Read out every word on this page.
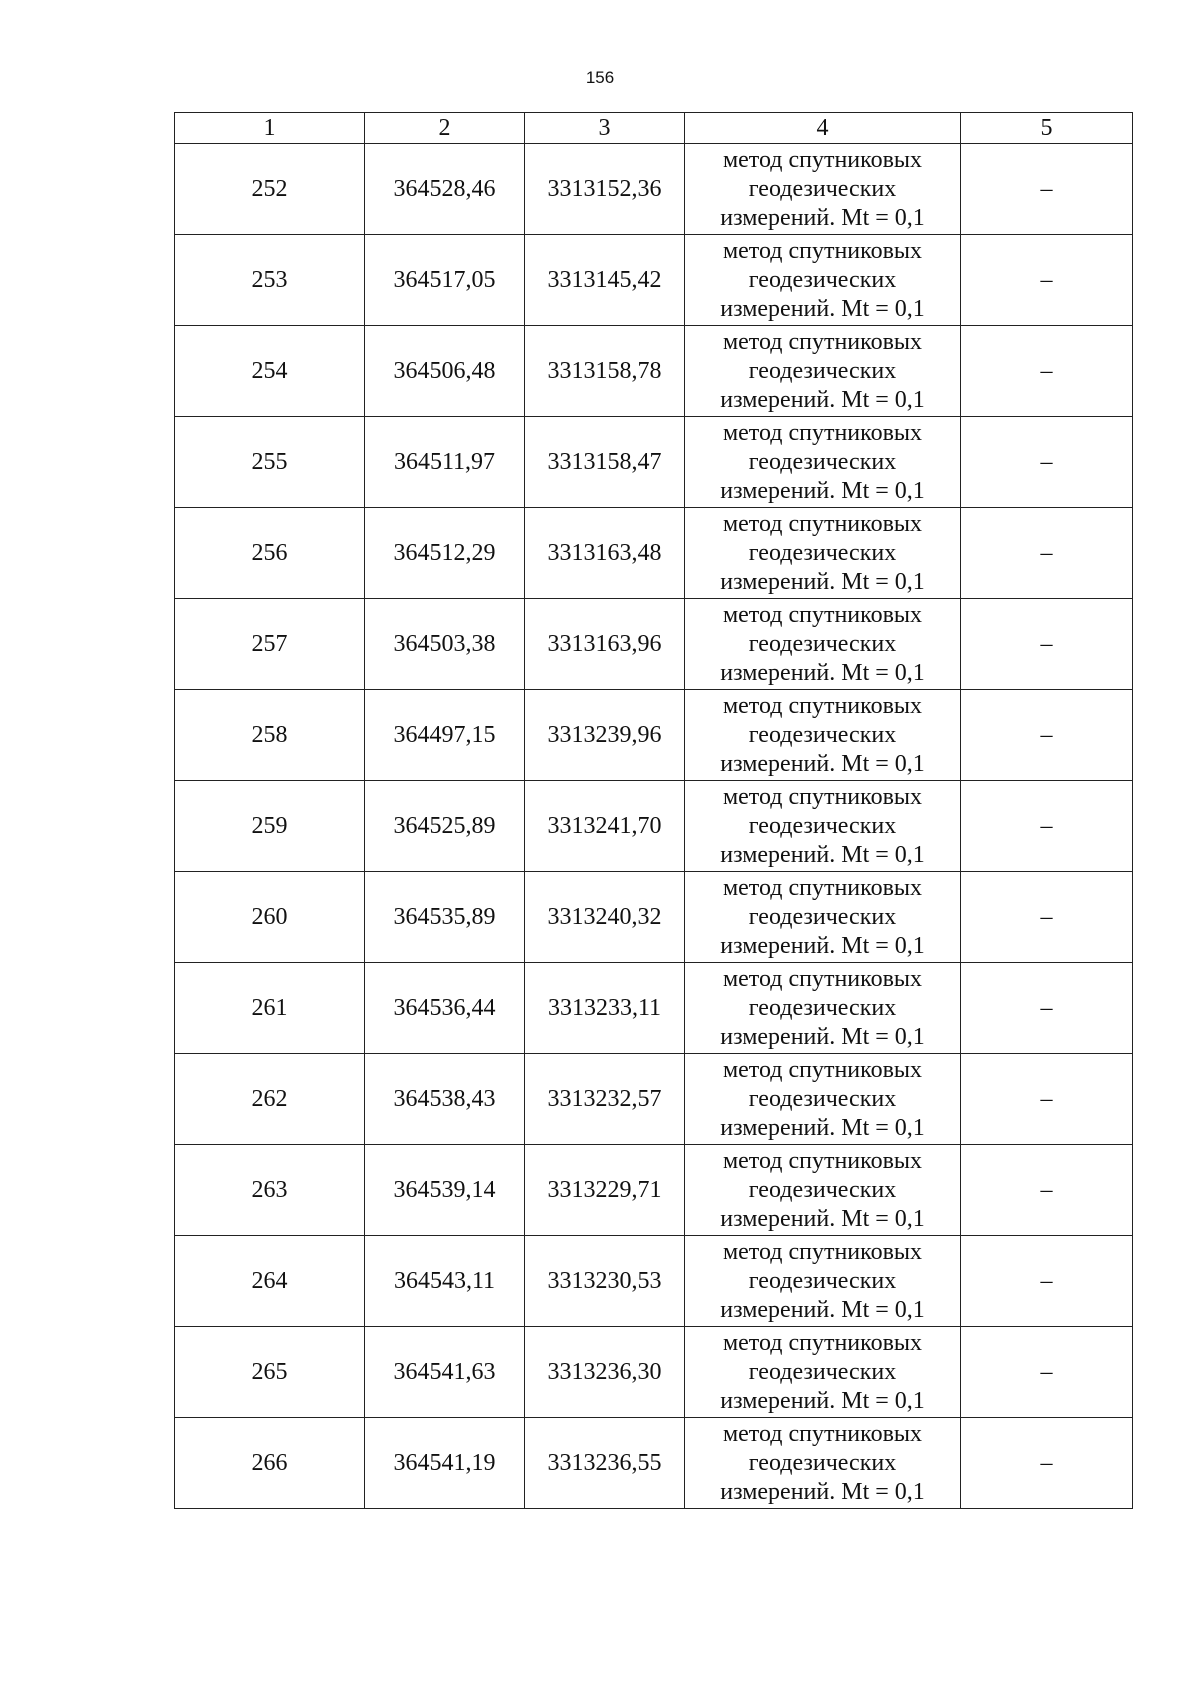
156
1	2	3	4	5
252	364528,46	3313152,36	метод спутниковых
геодезических
измерений. Mt = 0,1	–
253	364517,05	3313145,42	метод спутниковых
геодезических
измерений. Mt = 0,1	–
254	364506,48	3313158,78	метод спутниковых
геодезических
измерений. Mt = 0,1	–
255	364511,97	3313158,47	метод спутниковых
геодезических
измерений. Mt = 0,1	–
256	364512,29	3313163,48	метод спутниковых
геодезических
измерений. Mt = 0,1	–
257	364503,38	3313163,96	метод спутниковых
геодезических
измерений. Mt = 0,1	–
258	364497,15	3313239,96	метод спутниковых
геодезических
измерений. Mt = 0,1	–
259	364525,89	3313241,70	метод спутниковых
геодезических
измерений. Mt = 0,1	–
260	364535,89	3313240,32	метод спутниковых
геодезических
измерений. Mt = 0,1	–
261	364536,44	3313233,11	метод спутниковых
геодезических
измерений. Mt = 0,1	–
262	364538,43	3313232,57	метод спутниковых
геодезических
измерений. Mt = 0,1	–
263	364539,14	3313229,71	метод спутниковых
геодезических
измерений. Mt = 0,1	–
264	364543,11	3313230,53	метод спутниковых
геодезических
измерений. Mt = 0,1	–
265	364541,63	3313236,30	метод спутниковых
геодезических
измерений. Mt = 0,1	–
266	364541,19	3313236,55	метод спутниковых
геодезических
измерений. Mt = 0,1	–
